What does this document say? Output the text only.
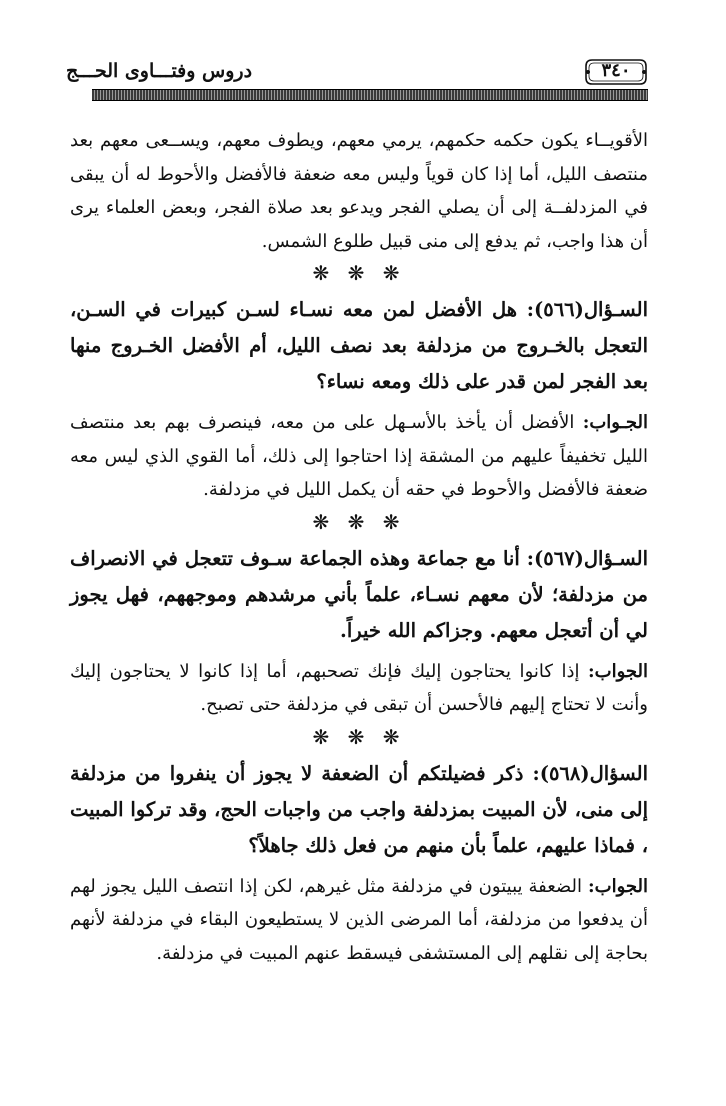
٣٤٠
دروس وفتـــاوى الحـــج

الأقويــاء يكون حكمه حكمهم، يرمي معهم، ويطوف معهم، ويســعى معهم بعد منتصف الليل، أما إذا كان قوياً وليس معه ضعفة فالأفضل والأحوط له أن يبقى في المزدلفــة إلى أن يصلي الفجر ويدعو بعد صلاة الفجر، وبعض العلماء يرى أن هذا واجب، ثم يدفع إلى منى قبيل طلوع الشمس.

❋ ❋ ❋

السـؤال(٥٦٦): هل الأفضل لمن معه نسـاء لسـن كبيرات في السـن، التعجل بالخـروج من مزدلفة بعد نصف الليل، أم الأفضل الخـروج منها بعد الفجر لمن قدر على ذلك ومعه نساء؟

الجـواب: الأفضل أن يأخذ بالأسـهل على من معه، فينصرف بهم بعد منتصف الليل تخفيفاً عليهم من المشقة إذا احتاجوا إلى ذلك، أما القوي الذي ليس معه ضعفة فالأفضل والأحوط في حقه أن يكمل الليل في مزدلفة.

❋ ❋ ❋

السـؤال(٥٦٧): أنا مع جماعة وهذه الجماعة سـوف تتعجل في الانصراف من مزدلفة؛ لأن معهم نسـاء، علماً بأني مرشدهم وموجههم، فهل يجوز لي أن أتعجل معهم. وجزاكم الله خيراً.

الجواب: إذا كانوا يحتاجون إليك فإنك تصحبهم، أما إذا كانوا لا يحتاجون إليك وأنت لا تحتاج إليهم فالأحسن أن تبقى في مزدلفة حتى تصبح.

❋ ❋ ❋

السؤال(٥٦٨): ذكر فضيلتكم أن الضعفة لا يجوز أن ينفروا من مزدلفة إلى منى، لأن المبيت بمزدلفة واجب من واجبات الحج، وقد تركوا المبيت ، فماذا عليهم، علماً بأن منهم من فعل ذلك جاهلاً؟

الجواب: الضعفة يبيتون في مزدلفة مثل غيرهم، لكن إذا انتصف الليل يجوز لهم أن يدفعوا من مزدلفة، أما المرضى الذين لا يستطيعون البقاء في مزدلفة لأنهم بحاجة إلى نقلهم إلى المستشفى فيسقط عنهم المبيت في مزدلفة.
